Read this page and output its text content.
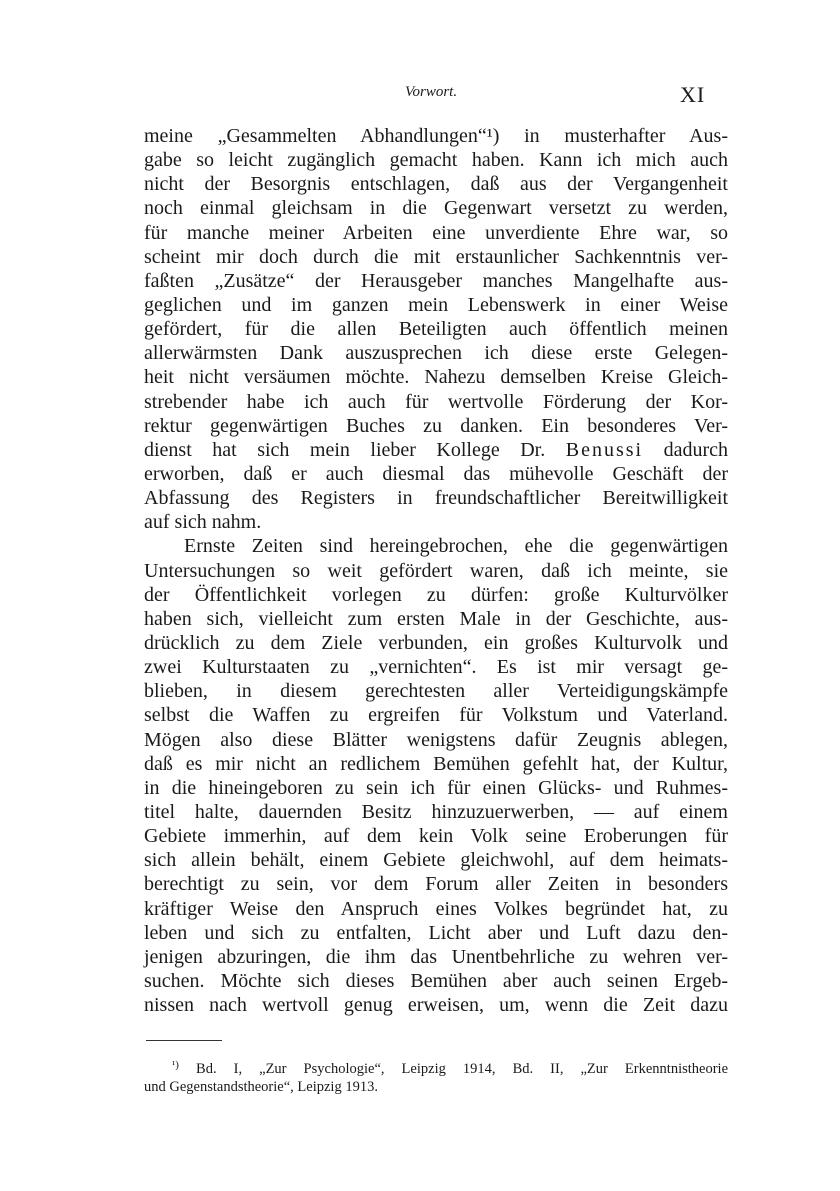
Vorwort.	XI
meine „Gesammelten Abhandlungen“¹) in musterhafter Aus-
gabe so leicht zugänglich gemacht haben. Kann ich mich auch
nicht der Besorgnis entschlagen, daß aus der Vergangenheit
noch einmal gleichsam in die Gegenwart versetzt zu werden,
für manche meiner Arbeiten eine unverdiente Ehre war, so
scheint mir doch durch die mit erstaunlicher Sachkenntnis ver-
faßten „Zusätze“ der Herausgeber manches Mangelhafte aus-
geglichen und im ganzen mein Lebenswerk in einer Weise
gefördert, für die allen Beteiligten auch öffentlich meinen
allerwärmsten Dank auszusprechen ich diese erste Gelegen-
heit nicht versäumen möchte. Nahezu demselben Kreise Gleich-
strebender habe ich auch für wertvolle Förderung der Kor-
rektur gegenwärtigen Buches zu danken. Ein besonderes Ver-
dienst hat sich mein lieber Kollege Dr. Benussi dadurch
erworben, daß er auch diesmal das mühevolle Geschäft der
Abfassung des Registers in freundschaftlicher Bereitwilligkeit
auf sich nahm.
Ernste Zeiten sind hereingebrochen, ehe die gegenwärtigen
Untersuchungen so weit gefördert waren, daß ich meinte, sie
der Öffentlichkeit vorlegen zu dürfen: große Kulturvölker
haben sich, vielleicht zum ersten Male in der Geschichte, aus-
drücklich zu dem Ziele verbunden, ein großes Kulturvolk und
zwei Kulturstaaten zu „vernichten“. Es ist mir versagt ge-
blieben, in diesem gerechtesten aller Verteidigungskämpfe
selbst die Waffen zu ergreifen für Volkstum und Vaterland.
Mögen also diese Blätter wenigstens dafür Zeugnis ablegen,
daß es mir nicht an redlichem Bemühen gefehlt hat, der Kultur,
in die hineingeboren zu sein ich für einen Glücks- und Ruhmes-
titel halte, dauernden Besitz hinzuzuerwerben, — auf einem
Gebiete immerhin, auf dem kein Volk seine Eroberungen für
sich allein behält, einem Gebiete gleichwohl, auf dem heimats-
berechtigt zu sein, vor dem Forum aller Zeiten in besonders
kräftiger Weise den Anspruch eines Volkes begründet hat, zu
leben und sich zu entfalten, Licht aber und Luft dazu den-
jenigen abzuringen, die ihm das Unentbehrliche zu wehren ver-
suchen. Möchte sich dieses Bemühen aber auch seinen Ergeb-
nissen nach wertvoll genug erweisen, um, wenn die Zeit dazu
$^{^1)}$ Bd. I, „Zur Psychologie“, Leipzig 1914, Bd. II, „Zur Erkenntnistheorie
und Gegenstandstheorie“, Leipzig 1913.
